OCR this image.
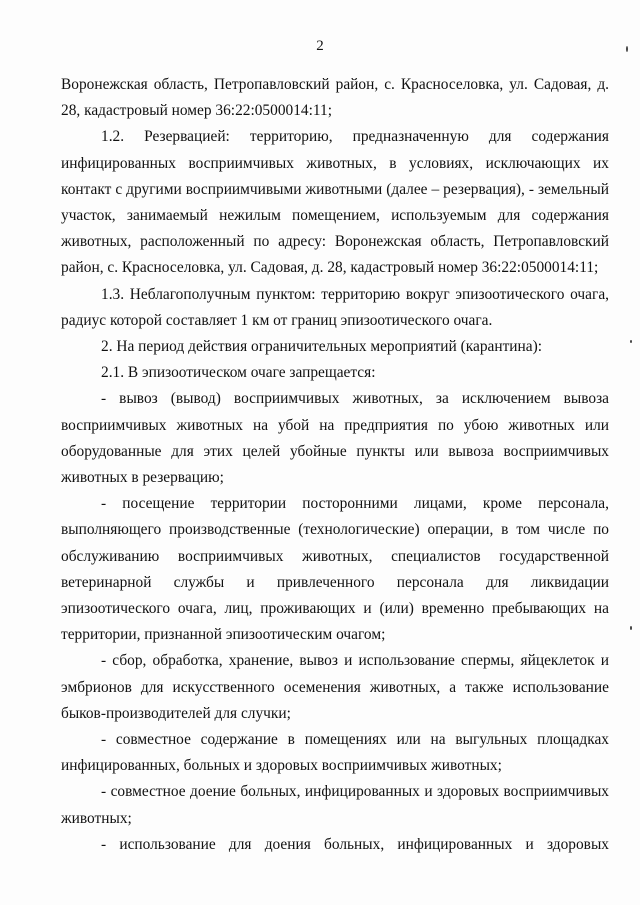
2

Воронежская область, Петропавловский район, с. Красноселовка, ул. Садовая, д. 28, кадастровый номер 36:22:0500014:11;

1.2. Резервацией: территорию, предназначенную для содержания инфицированных восприимчивых животных, в условиях, исключающих их контакт с другими восприимчивыми животными (далее – резервация), - земельный участок, занимаемый нежилым помещением, используемым для содержания животных, расположенный по адресу: Воронежская область, Петропавловский район, с. Красноселовка, ул. Садовая, д. 28, кадастровый номер 36:22:0500014:11;

1.3. Неблагополучным пунктом: территорию вокруг эпизоотического очага, радиус которой составляет 1 км от границ эпизоотического очага.

2. На период действия ограничительных мероприятий (карантина):

2.1. В эпизоотическом очаге запрещается:

- вывоз (вывод) восприимчивых животных, за исключением вывоза восприимчивых животных на убой на предприятия по убою животных или оборудованные для этих целей убойные пункты или вывоза восприимчивых животных в резервацию;

- посещение территории посторонними лицами, кроме персонала, выполняющего производственные (технологические) операции, в том числе по обслуживанию восприимчивых животных, специалистов государственной ветеринарной службы и привлеченного персонала для ликвидации эпизоотического очага, лиц, проживающих и (или) временно пребывающих на территории, признанной эпизоотическим очагом;

- сбор, обработка, хранение, вывоз и использование спермы, яйцеклеток и эмбрионов для искусственного осеменения животных, а также использование быков-производителей для случки;

- совместное содержание в помещениях или на выгульных площадках инфицированных, больных и здоровых восприимчивых животных;

- совместное доение больных, инфицированных и здоровых восприимчивых животных;

- использование для доения больных, инфицированных и здоровых
